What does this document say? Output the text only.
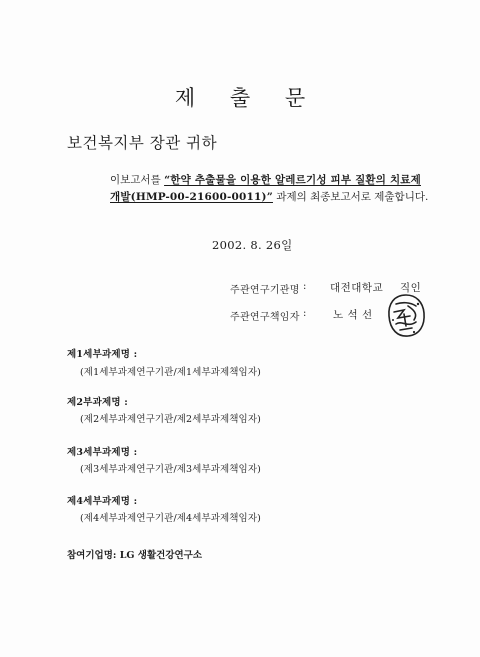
제 출 문
보건복지부 장관 귀하
이보고서를 “한약 추출물을 이용한 알레르기성 피부 질환의 치료제
개발(HMP-00-21600-0011)” 과제의 최종보고서로 제출합니다.
2002. 8. 26일
주관연구기관명 : 대전대학교 직인
주관연구책임자 :	노 석 선
제1세부과제명 :
(제1세부과제연구기관/제1세부과제책임자)
제2부과제명 :
(제2세부과제연구기관/제2세부과제책임자)
제3세부과제명 :
(제3세부과제연구기관/제3세부과제책임자)
제4세부과제명 :
(제4세부과제연구기관/제4세부과제책임자)
참여기업명: LG 생활건강연구소
